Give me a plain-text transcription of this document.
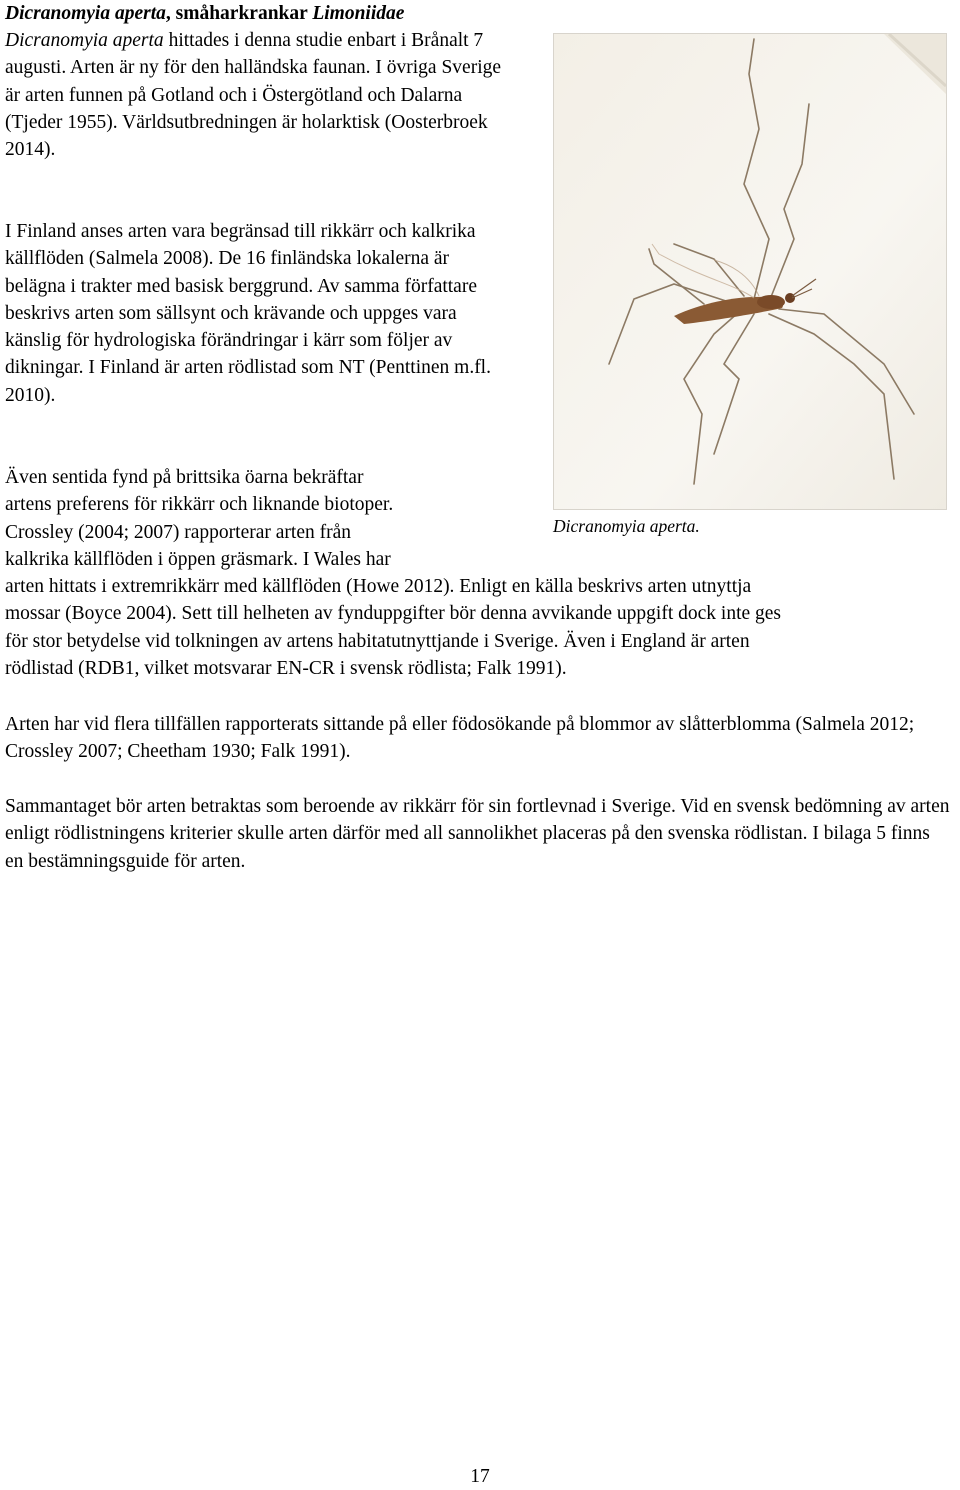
Dicranomyia aperta, småharkrankar Limoniidae

Dicranomyia aperta hittades i denna studie enbart i Brånalt 7 augusti. Arten är ny för den halländska faunan. I övriga Sverige är arten funnen på Gotland och i Östergötland och Dalarna (Tjeder 1955). Världsutbredningen är holarktisk (Oosterbroek 2014).

I Finland anses arten vara begränsad till rikkärr och kalkrika källflöden (Salmela 2008). De 16 finländska lokalerna är belägna i trakter med basisk berggrund. Av samma författare beskrivs arten som sällsynt och krävande och uppges vara känslig för hydrologiska förändringar i kärr som följer av dikningar. I Finland är arten rödlistad som NT (Penttinen m.fl. 2010).

Även sentida fynd på brittsika öarna bekräftar
artens preferens för rikkärr och liknande biotoper.
Crossley (2004; 2007) rapporterar arten från
kalkrika källflöden i öppen gräsmark. I Wales har
arten hittats i extremrikkärr med källflöden (Howe 2012). Enligt en källa beskrivs arten utnyttja
mossar (Boyce 2004). Sett till helheten av fynduppgifter bör denna avvikande uppgift dock inte ges
för stor betydelse vid tolkningen av artens habitatutnyttjande i Sverige. Även i England är arten
rödlistad (RDB1, vilket motsvarar EN-CR i svensk rödlista; Falk 1991).

Arten har vid flera tillfällen rapporterats sittande på eller födosökande på blommor av slåtterblomma (Salmela 2012; Crossley 2007; Cheetham 1930; Falk 1991).

Sammantaget bör arten betraktas som beroende av rikkärr för sin fortlevnad i Sverige. Vid en svensk bedömning av arten enligt rödlistningens kriterier skulle arten därför med all sannolikhet placeras på den svenska rödlistan. I bilaga 5 finns en bestämningsguide för arten.

Dicranomyia aperta.
17
